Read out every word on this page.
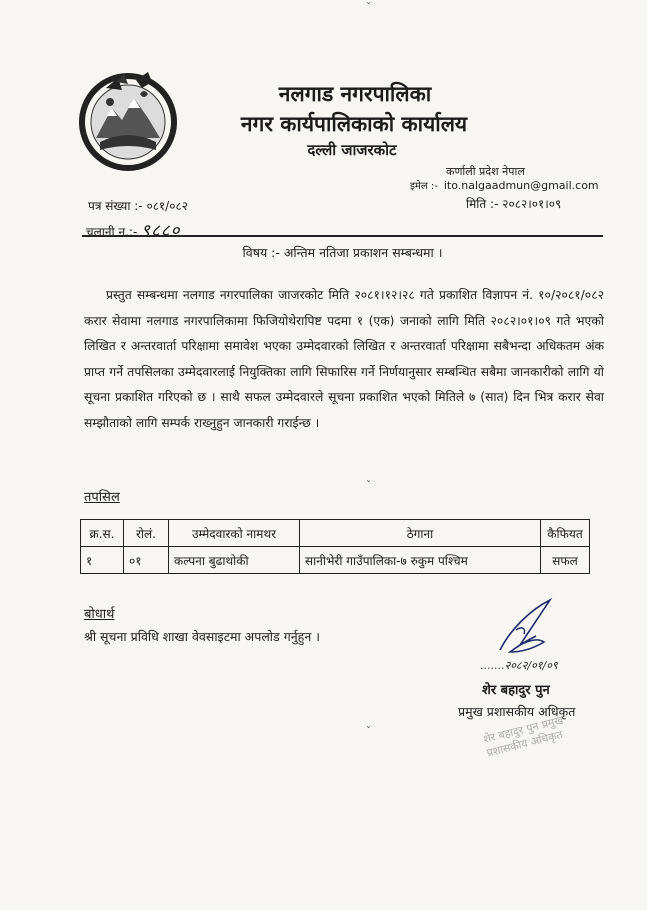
ˇ
नलगाड नगरपालिका
नगर कार्यपालिकाको कार्यालय
दल्ली जाजरकोट
कर्णाली प्रदेश नेपाल
इमेल :- ito.nalgaadmun@gmail.com
मिति :- २०८२।०१।०९
पत्र संख्या :- ०८१/०८२
चलानी न.:- ९८८०
विषय :- अन्तिम नतिजा प्रकाशन सम्बन्धमा ।

प्रस्तुत सम्बन्धमा नलगाड नगरपालिका जाजरकोट मिति २०८१।१२।२८ गते प्रकाशित विज्ञापन नं. १०/२०८१/०८२ करार सेवामा नलगाड नगरपालिकामा फिजियोथेरापिष्ट पदमा १ (एक) जनाको लागि मिति २०८२।०१।०९ गते भएको लिखित र अन्तरवार्ता परिक्षामा समावेश भएका उम्मेदवारको लिखित र अन्तरवार्ता परिक्षामा सबैभन्दा अधिकतम अंक प्राप्त गर्ने तपसिलका उम्मेदवारलाई नियुक्तिका लागि सिफारिस गर्ने निर्णयानुसार सम्बन्धित सबैमा जानकारीको लागि यो सूचना प्रकाशित गरिएको छ । साथै सफल उम्मेदवारले सूचना प्रकाशित भएको मितिले ७ (सात) दिन भित्र करार सेवा सम्झौताको लागि सम्पर्क राख्नुहुन जानकारी गराईन्छ ।

ˇ
तपसिल
क्र.स.	रोलं.	उम्मेदवारको नामथर	ठेगाना	कैफियत
१	०१	कल्पना बुढाथोकी	सानीभेरी गाउँपालिका-७ रुकुम पश्चिम	सफल
बोधार्थ
श्री सूचना प्रविधि शाखा वेवसाइटमा अपलोड गर्नुहुन ।
.......२०८२/०१/०९
शेर बहादुर पुन
प्रमुख प्रशासकीय अधिकृत
शेर बहादुर पुन प्रमुख प्रशासकीय अधिकृत
ˇ
